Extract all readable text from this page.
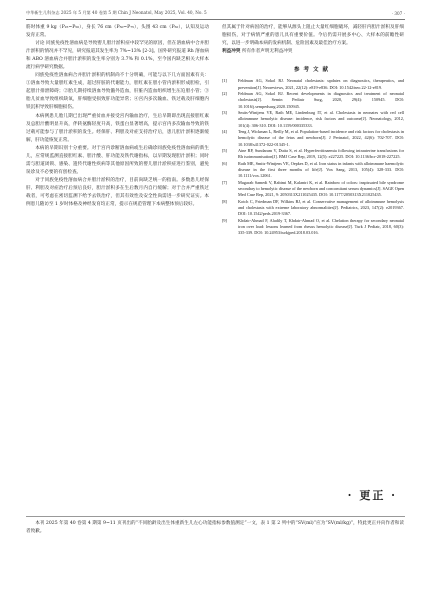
中华新生儿科杂志 2025 年 5 月第 40 卷第 5 期 Chin J Neonatol, May 2025, Vol. 40, No. 5	· 307 ·

筋时体重 9 kg（P₂₅~P₅₀），身长 76 cm（P₅₀~P₇₅），头围 43 cm（P₅₀），认知及运动发育正常。

讨论 同族免疫性溶血病是导致婴儿胆汁淤积症中较罕见的原因，但在溶血病中合并胆汁淤积的情况并不罕见，研究报道其发生率为 7%~13% [2-3]。国外研究报道 Rh 溶血病和 ABO 溶血病合并胆汁淤积的发生率分别为 3.7% 和 0.1%，至今国内缺乏相关大样本流行病学研究数据。

同族免疫性溶血病合并胆汁淤积的机制尚不十分明确，可能与以下几方面因素有关：①溶血导致大量胆红素生成，超过肝脏的代谢能力，胆红素在胆小管内淤积形成胆栓，引起胆汁排泄障碍；②胎儿期持续溶血导致髓外造血，肝脏内造血组织增生压迫胆小管；③胎儿贫血导致组织缺氧，肝细胞受损致肝功能异常；④宫内多次输血、铁过载及肝细胞内铁沉积导致肝细胞损伤。

本病例患儿胎儿期已出现严重贫血并接受宫内输血治疗，生后早期即出现直接胆红素及总胆汁酸明显升高，伴转氨酶轻度升高，铁蛋白显著增高，提示宫内多次输血导致的铁过载可能参与了胆汁淤积的发生。经保肝、利胆及对症支持治疗后，患儿胆汁淤积逐渐缓解，肝功能恢复正常。

本病的早期识别十分重要。对于宫内诊断溶血病或生后确诊同族免疫性溶血病的新生儿，应常规监测直接胆红素、胆汁酸、肝功能及铁代谢指标，以早期发现胆汁淤积；同时需与胆道闭锁、感染、遗传代谢性疾病等其他原因所致的婴儿胆汁淤积症进行鉴别，避免误诊及不必要的有创检查。

对于同族免疫性溶血病合并胆汁淤积的治疗，目前尚缺乏统一的指南。多数患儿经保肝、利胆及对症治疗后预后良好，胆汁淤积多在生后数月内自行缓解；对于合并严重铁过载者，可考虑在密切监测下给予去铁治疗，但其有效性及安全性尚需进一步研究证实。本例患儿随访至 1 岁时体格及神经发育均正常，提示在规范管理下本病整体预后较好。

但其属于针对病因的治疗，能够从源头上阻止大量红细胞破坏，减轻肝内胆汁淤积及肝细胞损伤，对于病情严重的患儿具有重要价值。今后仍需开展多中心、大样本的前瞻性研究，以进一步明确本病的发病机制、危险因素及最佳治疗方案。

利益冲突 所有作者声明无利益冲突
参考文献
[1]	Feldman AG, Sokol RJ. Neonatal cholestasis: updates on diagnostics, therapeutics, and prevention[J]. Neoreviews, 2021, 22(12): e819-e836. DOI: 10.1542/neo.22-12-e819.
[2]	Feldman AG, Sokol RJ. Recent developments in diagnostics and treatment of neonatal cholestasis[J]. Semin Pediatr Surg, 2020, 29(4): 150945. DOI: 10.1016/j.sempedsurg.2020.150945.
[3]	Smits-Wintjens VE, Rath ME, Lindenburg IT, et al. Cholestasis in neonates with red cell alloimmune hemolytic disease: incidence, risk factors and outcome[J]. Neonatology, 2012, 101(4): 306-310. DOI: 10.1159/000335333.
[4]	Teng J, Wickman L, Reilly M, et al. Population-based incidence and risk factors for cholestasis in hemolytic disease of the fetus and newborn[J]. J Perinatol, 2022, 42(6): 702-707. DOI: 10.1038/s41372-022-01345-1.
[5]	Aine RP, Sundaram V, Dutta S, et al. Hyperferritinaemia following intrauterine transfusions for Rh isoimmunisation[J]. BMJ Case Rep, 2019, 12(5): e227225. DOI: 10.1136/bcr-2018-227225.
[6]	Rath ME, Smits-Wintjens VE, Oepkes D, et al. Iron status in infants with alloimmune haemolytic disease in the first three months of life[J]. Vox Sang, 2013, 105(4): 328-333. DOI: 10.1111/vox.12061.
[7]	Mugarab Samedi V, Rabimi M, Kalantri K, et al. Rainbow of colors: inspissated bile syndrome secondary to hemolytic disease of the newborn and concomitant serum dynamics[J]. SAGE Open Med Case Rep, 2021, 9: 2050313X211025435. DOI: 10.1177/2050313X211025435.
[8]	Kotch C, Friedman DF, Wilkins BJ, et al. Conservative management of alloimmune hemolysis and cholestasis with extreme laboratory abnormalities[J]. Pediatrics, 2023, 147(2): e2019367. DOI: 10.1542/peds.2019-3367.
[9]	Khdair-Ahmad F, Aladily T, Khdair-Ahmad O, et al. Chelation therapy for secondary neonatal iron over load: lessons learned from rhesus hemolytic disease[J]. Turk J Pediatr, 2018, 60(3): 335-339. DOI: 10.24953/turkjped.2018.03.016.
· 更正 ·

本刊 2025 年第 40 卷第 4 期第 9~11 页刊出的“不同胎龄及出生体重新生儿左心功能指标参数值测定”一文，表 1 第 2 列中的“SV(ml)”应为“SV(ml/kg)”，特此更正并向作者和读者致歉。
